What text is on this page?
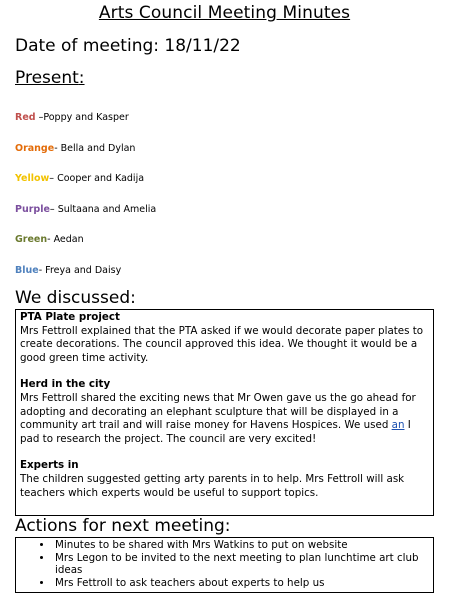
Arts Council Meeting Minutes
Date of meeting: 18/11/22
Present:
Red –Poppy and Kasper
Orange- Bella and Dylan
Yellow– Cooper and Kadija
Purple– Sultaana and Amelia
Green- Aedan
Blue- Freya and Daisy
We discussed:

PTA Plate project

Mrs Fettroll explained that the PTA asked if we would decorate paper plates to create decorations. The council approved this idea. We thought it would be a good green time activity.

Herd in the city

Mrs Fettroll shared the exciting news that Mr Owen gave us the go ahead for adopting and decorating an elephant sculpture that will be displayed in a community art trail and will raise money for Havens Hospices. We used an I pad to research the project. The council are very excited!

Experts in

The children suggested getting arty parents in to help. Mrs Fettroll will ask teachers which experts would be useful to support topics.

Actions for next meeting:
• Minutes to be shared with Mrs Watkins to put on website
• Mrs Legon to be invited to the next meeting to plan lunchtime art club ideas
• Mrs Fettroll to ask teachers about experts to help us
